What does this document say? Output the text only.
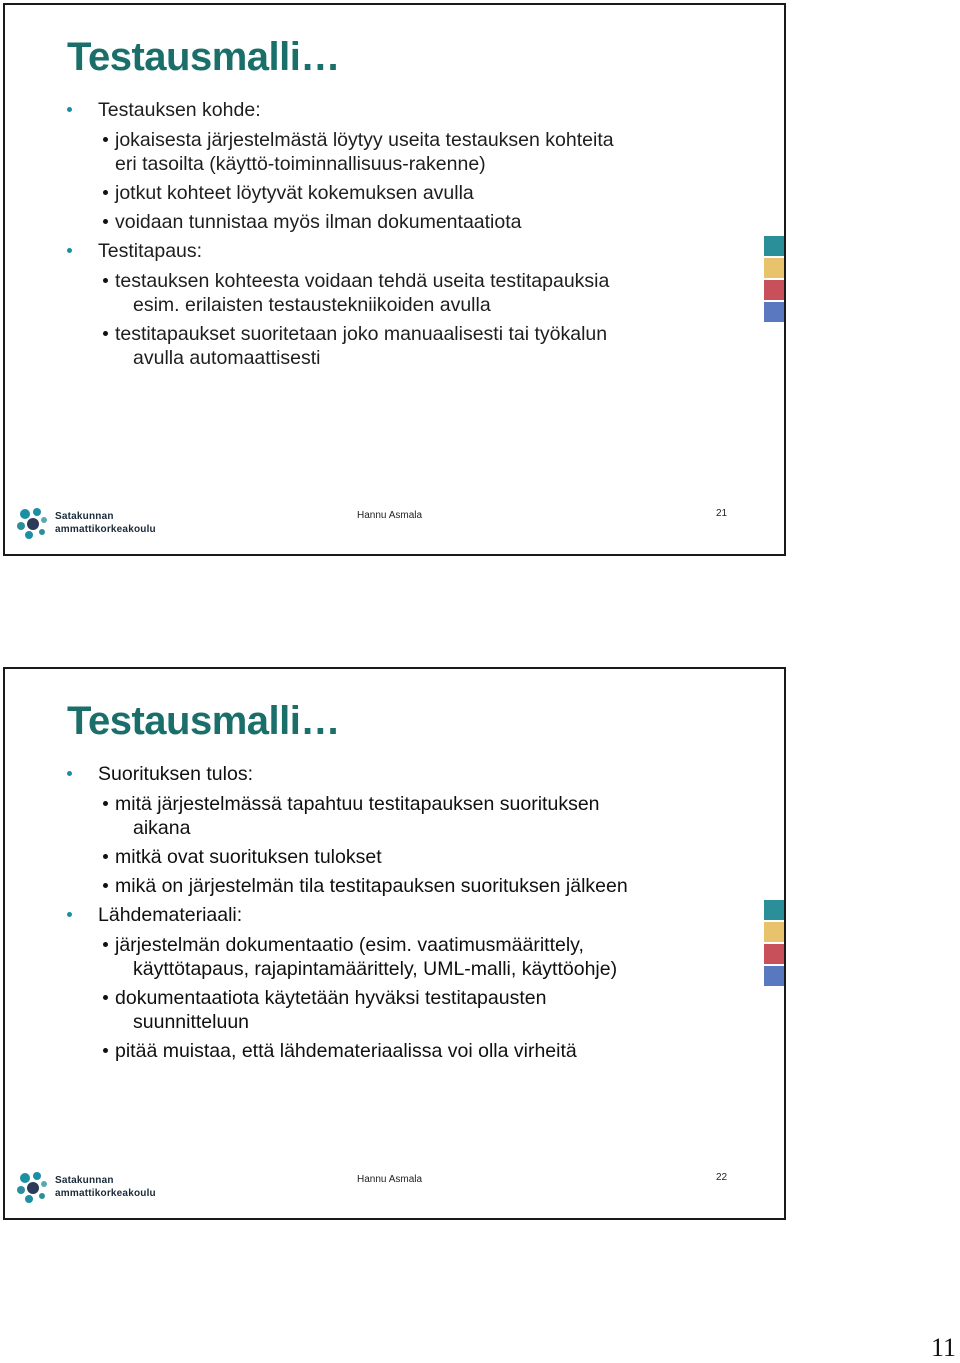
Testausmalli…
Testauksen kohde:
jokaisesta järjestelmästä löytyy useita testauksen kohteita
eri tasoilta (käyttö-toiminnallisuus-rakenne)
jotkut kohteet löytyvät kokemuksen avulla
voidaan tunnistaa myös ilman dokumentaatiota
Testitapaus:
testauksen kohteesta voidaan tehdä useita testitapauksia
esim. erilaisten testaustekniikoiden avulla
testitapaukset suoritetaan joko manuaalisesti tai työkalun
avulla automaattisesti
Satakunnan
ammattikorkeakoulu
Hannu Asmala	21
Testausmalli…
Suorituksen tulos:
mitä järjestelmässä tapahtuu testitapauksen suorituksen
aikana
mitkä ovat suorituksen tulokset
mikä on järjestelmän tila testitapauksen suorituksen jälkeen
Lähdemateriaali:
järjestelmän dokumentaatio (esim. vaatimusmäärittely,
käyttötapaus, rajapintamäärittely, UML-malli, käyttöohje)
dokumentaatiota käytetään hyväksi testitapausten
suunnitteluun
pitää muistaa, että lähdemateriaalissa voi olla virheitä
Satakunnan
ammattikorkeakoulu
Hannu Asmala	22
11
